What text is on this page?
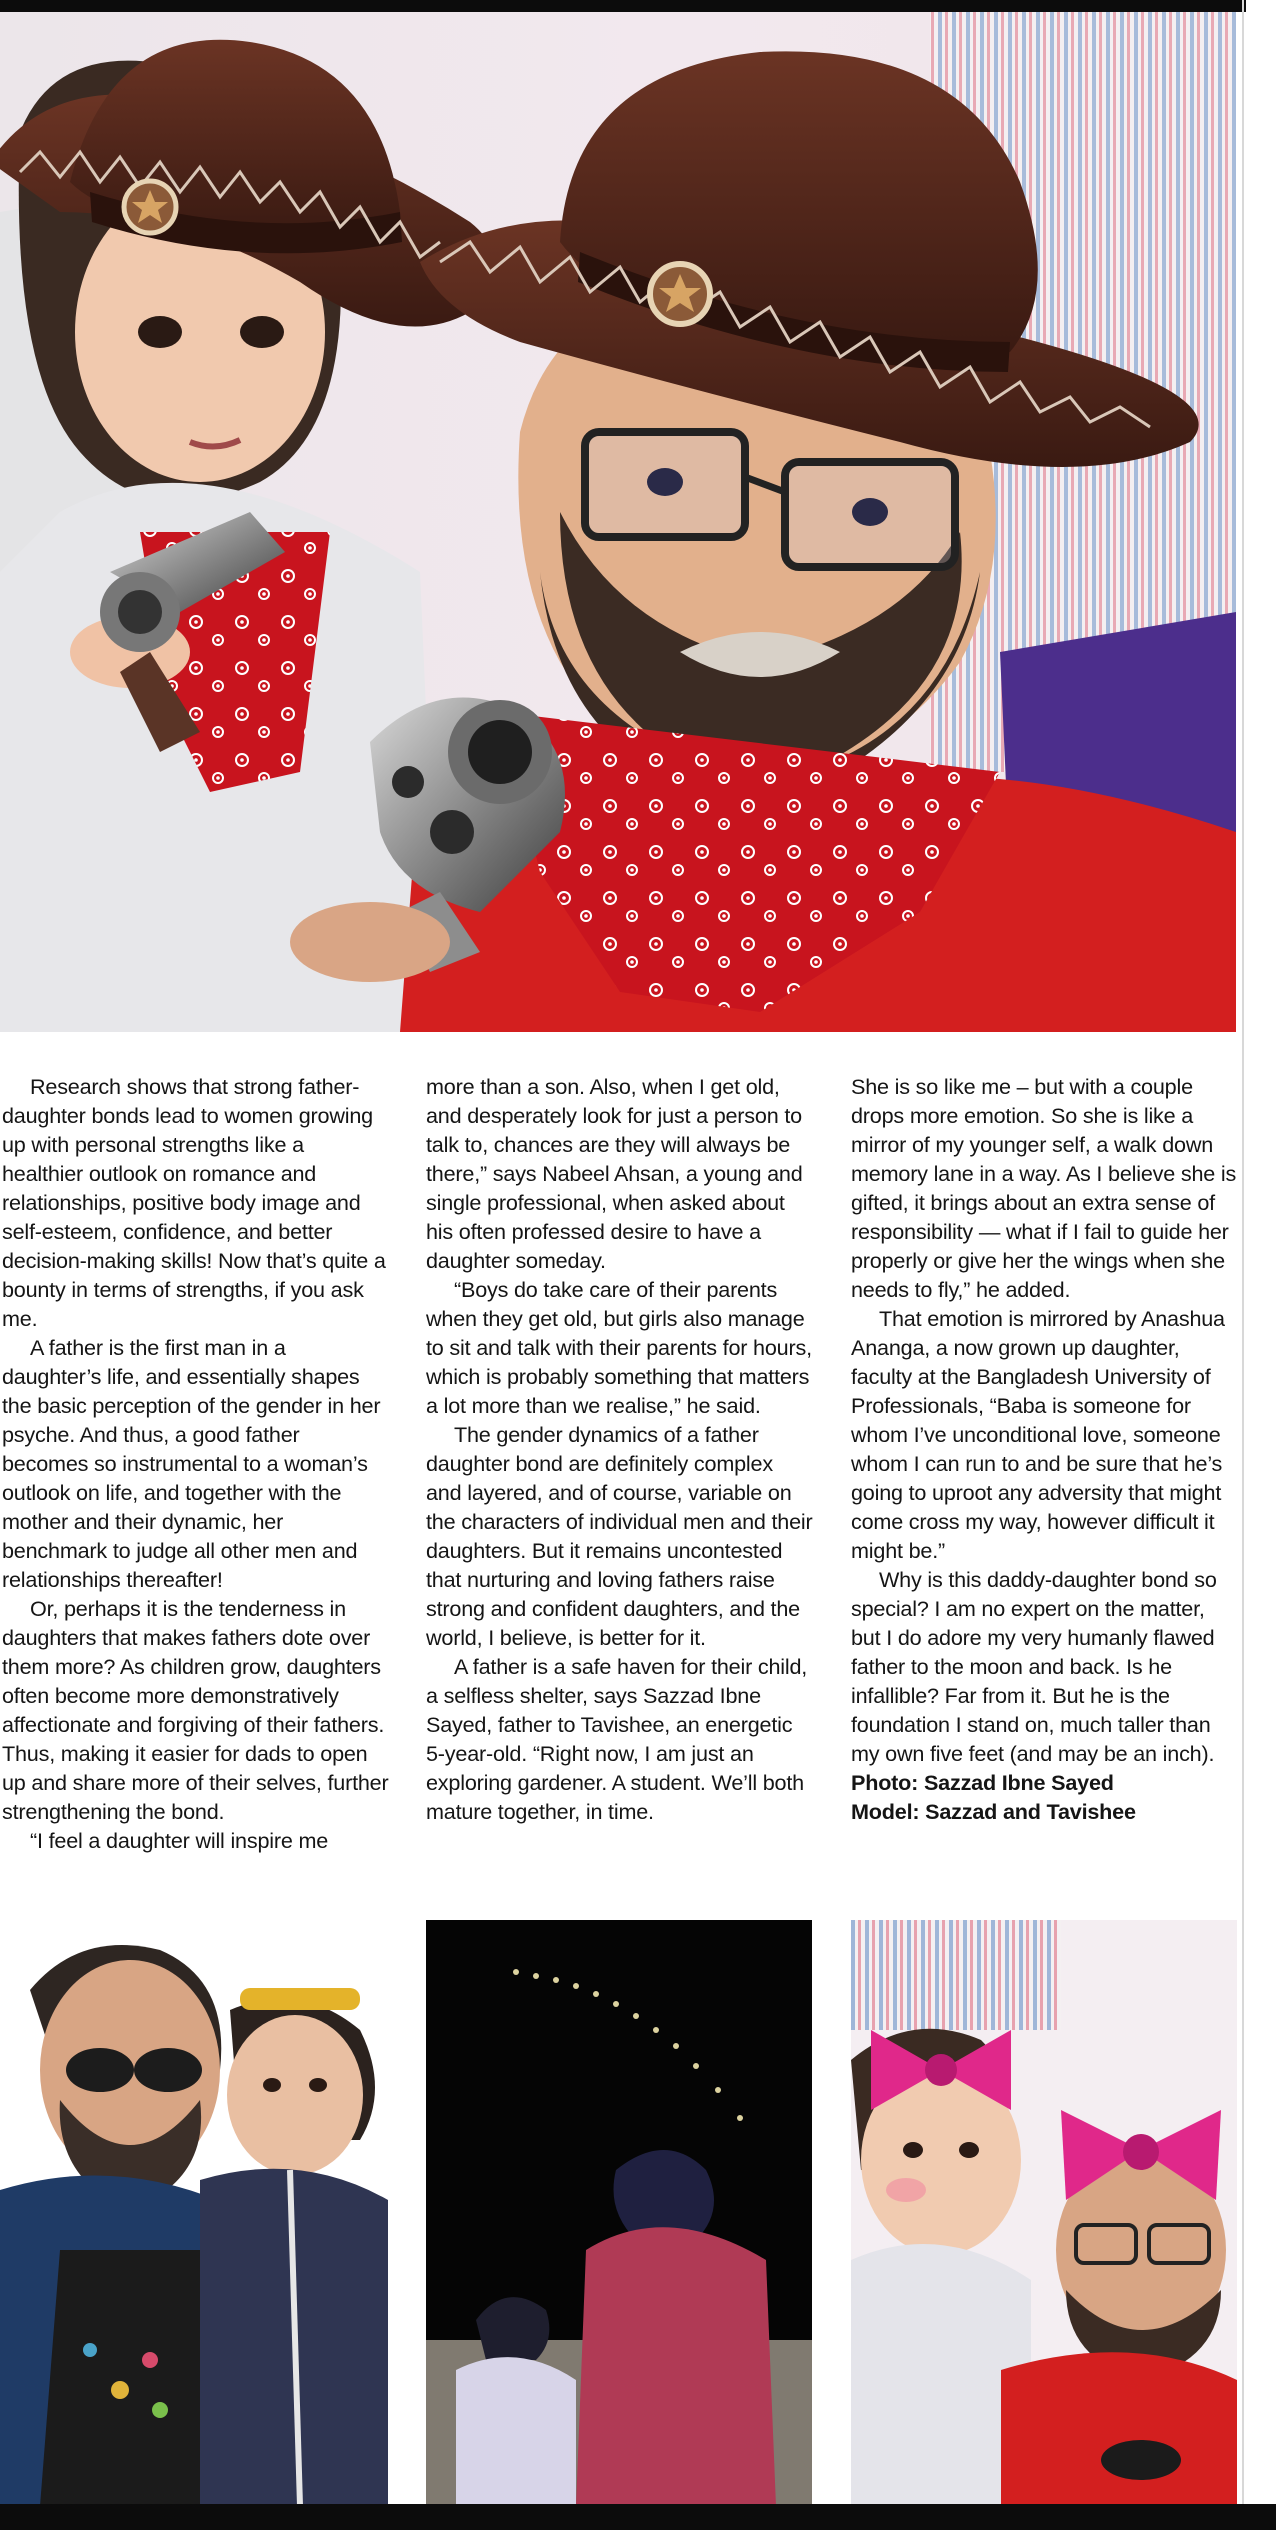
Research shows that strong father-daughter bonds lead to women growing up with personal strengths like a healthier outlook on romance and relationships, positive body image and self-esteem, confidence, and better decision-making skills! Now that’s quite a bounty in terms of strengths, if you ask me.

A father is the first man in a daughter’s life, and essentially shapes the basic perception of the gender in her psyche. And thus, a good father becomes so instrumental to a woman’s outlook on life, and together with the mother and their dynamic, her benchmark to judge all other men and relationships thereafter!

Or, perhaps it is the tenderness in daughters that makes fathers dote over them more? As children grow, daughters often become more demonstratively affectionate and forgiving of their fathers. Thus, making it easier for dads to open up and share more of their selves, further strengthening the bond.

“I feel a daughter will inspire me

more than a son. Also, when I get old, and desperately look for just a person to talk to, chances are they will always be there,” says Nabeel Ahsan, a young and single professional, when asked about his often professed desire to have a daughter someday.

“Boys do take care of their parents when they get old, but girls also manage to sit and talk with their parents for hours, which is probably something that matters a lot more than we realise,” he said.

The gender dynamics of a father daughter bond are definitely complex and layered, and of course, variable on the characters of individual men and their daughters. But it remains uncontested that nurturing and loving fathers raise strong and confident daughters, and the world, I believe, is better for it.

A father is a safe haven for their child, a selfless shelter, says Sazzad Ibne Sayed, father to Tavishee, an energetic 5-year-old. “Right now, I am just an exploring gardener. A student. We’ll both mature together, in time.

She is so like me – but with a couple drops more emotion. So she is like a mirror of my younger self, a walk down memory lane in a way. As I believe she is gifted, it brings about an extra sense of responsibility — what if I fail to guide her properly or give her the wings when she needs to fly,” he added.

That emotion is mirrored by Anashua Ananga, a now grown up daughter, faculty at the Bangladesh University of Professionals, “Baba is someone for whom I’ve unconditional love, someone whom I can run to and be sure that he’s going to uproot any adversity that might come cross my way, however difficult it might be.”

Why is this daddy-daughter bond so special? I am no expert on the matter, but I do adore my very humanly flawed father to the moon and back. Is he infallible? Far from it. But he is the foundation I stand on, much taller than my own five feet (and may be an inch).

Photo: Sazzad Ibne Sayed
Model: Sazzad and Tavishee
